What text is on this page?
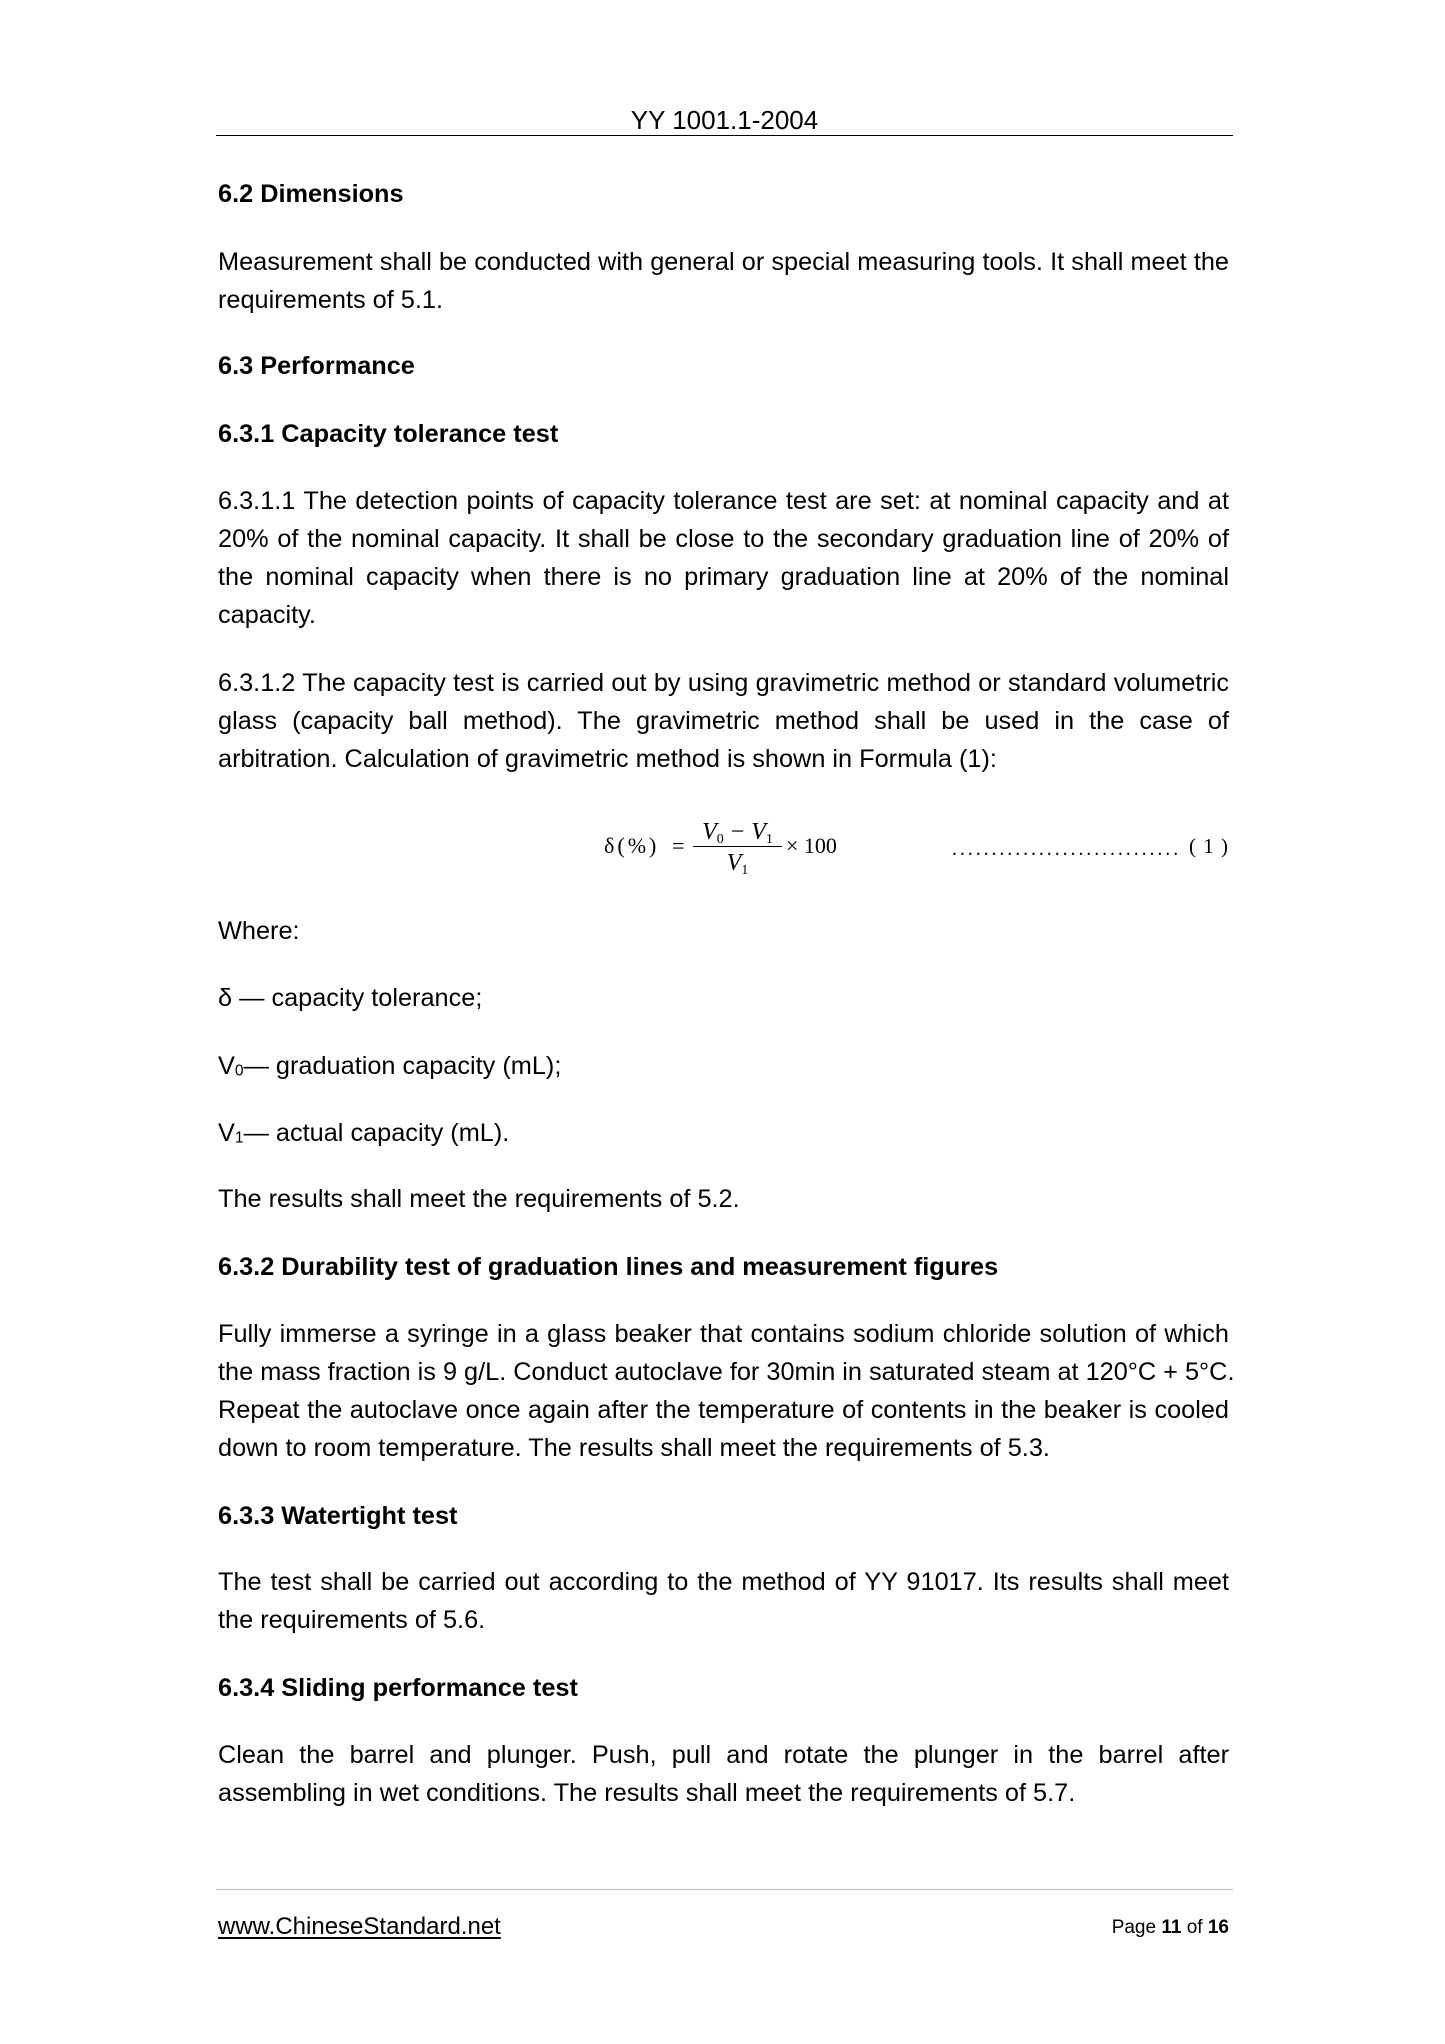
YY 1001.1-2004
6.2 Dimensions
Measurement shall be conducted with general or special measuring tools. It shall meet the
requirements of 5.1.
6.3 Performance
6.3.1 Capacity tolerance test
6.3.1.1 The detection points of capacity tolerance test are set: at nominal capacity and at
20% of the nominal capacity. It shall be close to the secondary graduation line of 20% of
the nominal capacity when there is no primary graduation line at 20% of the nominal
capacity.
6.3.1.2 The capacity test is carried out by using gravimetric method or standard volumetric
glass (capacity ball method). The gravimetric method shall be used in the case of
arbitration. Calculation of gravimetric method is shown in Formula (1):
δ(%) =
$V_0 - V_1$
$V_1$
× 100	............................. ( 1 )
Where:
δ — capacity tolerance;
$V_0—$ graduation capacity (mL);
$V_1—$ actual capacity (mL).
The results shall meet the requirements of 5.2.
6.3.2 Durability test of graduation lines and measurement figures
Fully immerse a syringe in a glass beaker that contains sodium chloride solution of which
the mass fraction is 9 g/L. Conduct autoclave for 30min in saturated steam at 120°C + 5°C.
Repeat the autoclave once again after the temperature of contents in the beaker is cooled
down to room temperature. The results shall meet the requirements of 5.3.
6.3.3 Watertight test
The test shall be carried out according to the method of YY 91017. Its results shall meet
the requirements of 5.6.
6.3.4 Sliding performance test
Clean the barrel and plunger. Push, pull and rotate the plunger in the barrel after
assembling in wet conditions. The results shall meet the requirements of 5.7.
www.ChineseStandard.net	Page 11 of 16
